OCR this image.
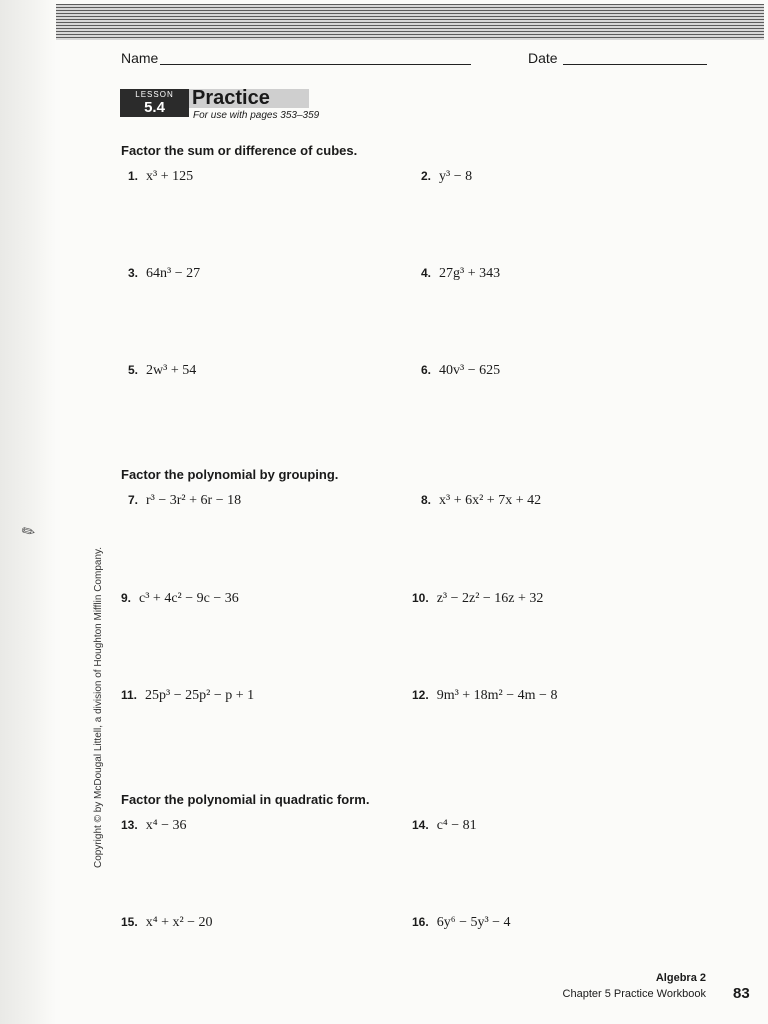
✎
Name	Date
LESSON
5.4	Practice
For use with pages 353–359
Factor the sum or difference of cubes.
1. x³ + 125	2. y³ − 8
3. 64n³ − 27	4. 27g³ + 343
5. 2w³ + 54	6. 40v³ − 625
Factor the polynomial by grouping.
7. r³ − 3r² + 6r − 18	8. x³ + 6x² + 7x + 42
9. c³ + 4c² − 9c − 36	10. z³ − 2z² − 16z + 32
11. 25p³ − 25p² − p + 1	12. 9m³ + 18m² − 4m − 8
Factor the polynomial in quadratic form.
13. x⁴ − 36	14. c⁴ − 81
15. x⁴ + x² − 20	16. 6y⁶ − 5y³ − 4
Copyright © by McDougal Littell, a division of Houghton Mifflin Company.
Algebra 2
Chapter 5 Practice Workbook 83
